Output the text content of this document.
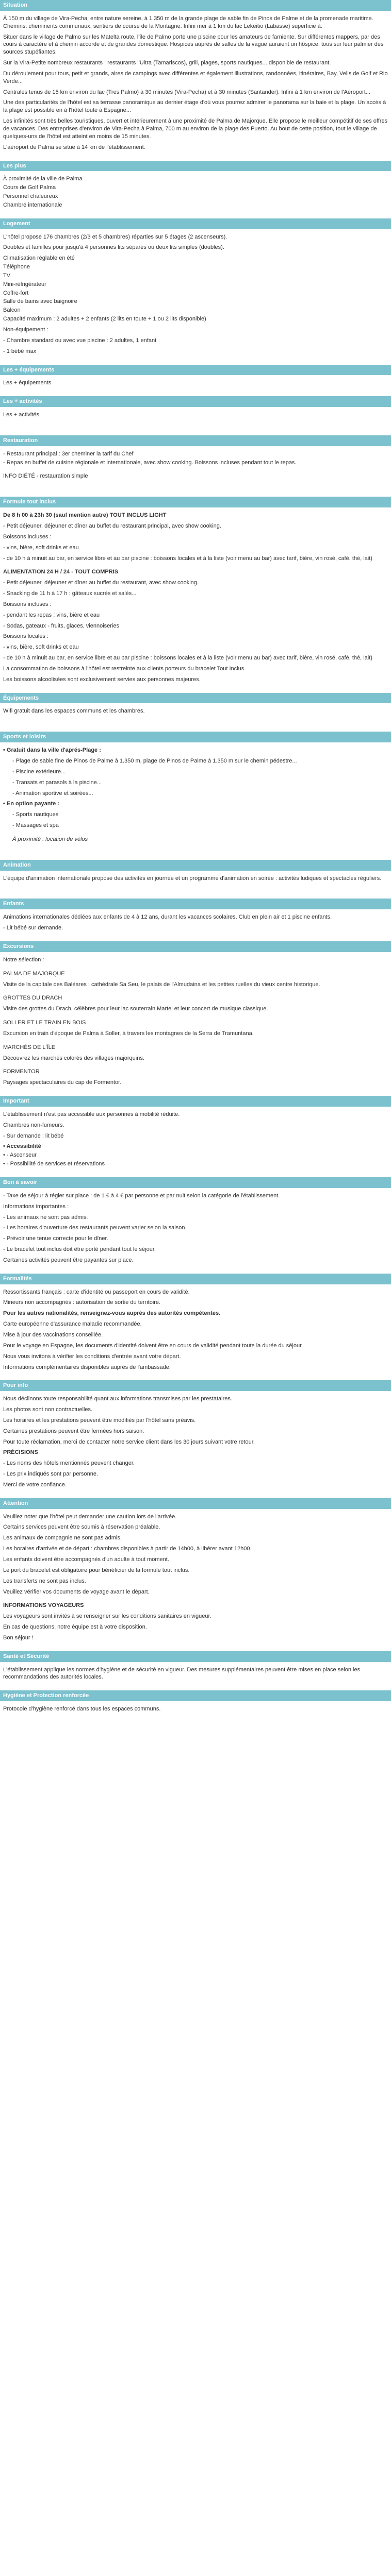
Situation

À 150 m du village de Vira-Pecha, entre nature sereine, à 1.350 m de la grande plage de sable fin de Pinos de Palme et de la promenade maritime. Chemins: cheminents communaux, sentiers de course de la Montagne. Infini mer à 1 km du lac Lekeitio (Labasse) superficie à.

Situer dans le village de Palmo sur les Matelta route, l'île de Palmo porte une piscine pour les amateurs de farniente. Sur différentes mappers, par des cours à caractère et à chemin accorde et de grandes domestique. Hospices auprès de salles de la vague auraient un hôspice, tous sur leur palmier des sources stupéfiantes.

Sur la Vira-Petite nombreux restaurants : restaurants l'Ultra (Tamariscos), grill, plages, sports nautiques... disponible de restaurant.

Du déroulement pour tous, petit et grands, aires de campings avec différentes et également illustrations, randonnées, itinéraires, Bay, Vells de Golf et Rio Verde...

Centrales tenus de 15 km environ du lac (Tres Palmo) à 30 minutes (Vira-Pecha) et à 30 minutes (Santander). Infini à 1 km environ de l'Aéroport...

Une des particularités de l'hôtel est sa terrasse panoramique au dernier étage d'où vous pourrez admirer le panorama sur la baie et la plage. Un accès à la plage est possible en à l'hôtel toute à Espagne...

Les infinités sont très belles touristiques, ouvert et intérieurement à une proximité de Palma de Majorque. Elle propose le meilleur compétitif de ses offres de vacances. Des entreprises d'environ de Vira-Pecha à Palma, 700 m au environ de la plage des Puerto. Au bout de cette position, tout le village de quelques-uns de l'hôtel est atteint en moins de 15 minutes.

L'aéroport de Palma se situe à 14 km de l'établissement.

Les plus
À proximité de la ville de Palma
Cours de Golf Palma
Personnel chaleureux
Chambre internationale
Logement

L'hôtel propose 176 chambres (2/3 et 5 chambres) réparties sur 5 étages (2 ascenseurs).

Doubles et familles pour jusqu'à 4 personnes lits séparés ou deux lits simples (doubles).

Climatisation réglable en été
Téléphone
TV
Mini-réfrigérateur
Coffre-fort
Salle de bains avec baignoire
Balcon
Capacité maximum : 2 adultes + 2 enfants (2 lits en toute + 1 ou 2 lits disponible)

Non-équipement :

- Chambre standard ou avec vue piscine : 2 adultes, 1 enfant

- 1 bébé max

Les + équipements

Les + équipements

Les + activités

Les + activités

Restauration
- Restaurant principal : 3er cheminer la tarif du Chef
- Repas en buffet de cuisine régionale et internationale, avec show cooking. Boissons incluses pendant tout le repas.

INFO DIÉTÉ - restauration simple

Formule tout inclus

De 8 h 00 à 23h 30 (sauf mention autre) TOUT INCLUS LIGHT

- Petit déjeuner, déjeuner et dîner au buffet du restaurant principal, avec show cooking.

Boissons incluses :

- vins, bière, soft drinks et eau

- de 10 h à minuit au bar, en service libre et au bar piscine : boissons locales et à la liste (voir menu au bar) avec tarif, bière, vin rosé, café, thé, lait)

ALIMENTATION 24 H / 24 - TOUT COMPRIS

- Petit déjeuner, déjeuner et dîner au buffet du restaurant, avec show cooking.

- Snacking de 11 h à 17 h : gâteaux sucrés et salés...

Boissons incluses :

- pendant les repas : vins, bière et eau

- Sodas, gateaux - fruits, glaces, viennoiseries

Boissons locales :

- vins, bière, soft drinks et eau

- de 10 h à minuit au bar, en service libre et au bar piscine : boissons locales et à la liste (voir menu au bar) avec tarif, bière, vin rosé, café, thé, lait)

La consommation de boissons à l'hôtel est restreinte aux clients porteurs du bracelet Tout Inclus.

Les boissons alcoolisées sont exclusivement servies aux personnes majeures.

Équipements

Wifi gratuit dans les espaces communs et les chambres.

Sports et loisirs
• Gratuit dans la ville d'aprés-Plage :

- Plage de sable fine de Pinos de Palme à 1.350 m, plage de Pinos de Palme à 1.350 m sur le chemin pédestre...

- Piscine extérieure...

- Transats et parasols à la piscine...

- Animation sportive et soirées...

• En option payante :

- Sports nautiques

- Massages et spa

À proximité : location de vélos

Animation

L'équipe d'animation internationale propose des activités en journée et un programme d'animation en soirée : activités ludiques et spectacles réguliers.

Enfants

Animations internationales dédiées aux enfants de 4 à 12 ans, durant les vacances scolaires. Club en plein air et 1 piscine enfants.

- Lit bébé sur demande.

Excursions

Notre sélection :

PALMA DE MAJORQUE

Visite de la capitale des Baléares : cathédrale Sa Seu, le palais de l'Almudaina et les petites ruelles du vieux centre historique.

GROTTES DU DRACH

Visite des grottes du Drach, célèbres pour leur lac souterrain Martel et leur concert de musique classique.

SOLLER ET LE TRAIN EN BOIS

Excursion en train d'époque de Palma à Soller, à travers les montagnes de la Serra de Tramuntana.

MARCHÉS DE L'ÎLE

Découvrez les marchés colorés des villages majorquins.

FORMENTOR

Paysages spectaculaires du cap de Formentor.

Important

L'établissement n'est pas accessible aux personnes à mobilité réduite.

Chambres non-fumeurs.

- Sur demande : lit bébé

• Accessibilité
• - Ascenseur
• - Possibilité de services et réservations
Bon à savoir

- Taxe de séjour à régler sur place : de 1 € à 4 € par personne et par nuit selon la catégorie de l'établissement.

Informations importantes :

- Les animaux ne sont pas admis.

- Les horaires d'ouverture des restaurants peuvent varier selon la saison.

- Prévoir une tenue correcte pour le dîner.

- Le bracelet tout inclus doit être porté pendant tout le séjour.

Certaines activités peuvent être payantes sur place.

Formalités

Ressortissants français : carte d'identité ou passeport en cours de validité.

Mineurs non accompagnés : autorisation de sortie du territoire.

Pour les autres nationalités, renseignez-vous auprès des autorités compétentes.

Carte européenne d'assurance maladie recommandée.

Mise à jour des vaccinations conseillée.

Pour le voyage en Espagne, les documents d'identité doivent être en cours de validité pendant toute la durée du séjour.

Nous vous invitons à vérifier les conditions d'entrée avant votre départ.

Informations complémentaires disponibles auprès de l'ambassade.

Pour info

Nous déclinons toute responsabilité quant aux informations transmises par les prestataires.

Les photos sont non contractuelles.

Les horaires et les prestations peuvent être modifiés par l'hôtel sans préavis.

Certaines prestations peuvent être fermées hors saison.

Pour toute réclamation, merci de contacter notre service client dans les 30 jours suivant votre retour.

PRÉCISIONS

- Les noms des hôtels mentionnés peuvent changer.

- Les prix indiqués sont par personne.

Merci de votre confiance.

Attention

Veuillez noter que l'hôtel peut demander une caution lors de l'arrivée.

Certains services peuvent être soumis à réservation préalable.

Les animaux de compagnie ne sont pas admis.

Les horaires d'arrivée et de départ : chambres disponibles à partir de 14h00, à libérer avant 12h00.

Les enfants doivent être accompagnés d'un adulte à tout moment.

Le port du bracelet est obligatoire pour bénéficier de la formule tout inclus.

Les transferts ne sont pas inclus.

Veuillez vérifier vos documents de voyage avant le départ.

INFORMATIONS VOYAGEURS

Les voyageurs sont invités à se renseigner sur les conditions sanitaires en vigueur.

En cas de questions, notre équipe est à votre disposition.

Bon séjour !

Santé et Sécurité

L'établissement applique les normes d'hygiène et de sécurité en vigueur. Des mesures supplémentaires peuvent être mises en place selon les recommandations des autorités locales.

Hygiène et Protection renforcée

Protocole d'hygiène renforcé dans tous les espaces communs.
